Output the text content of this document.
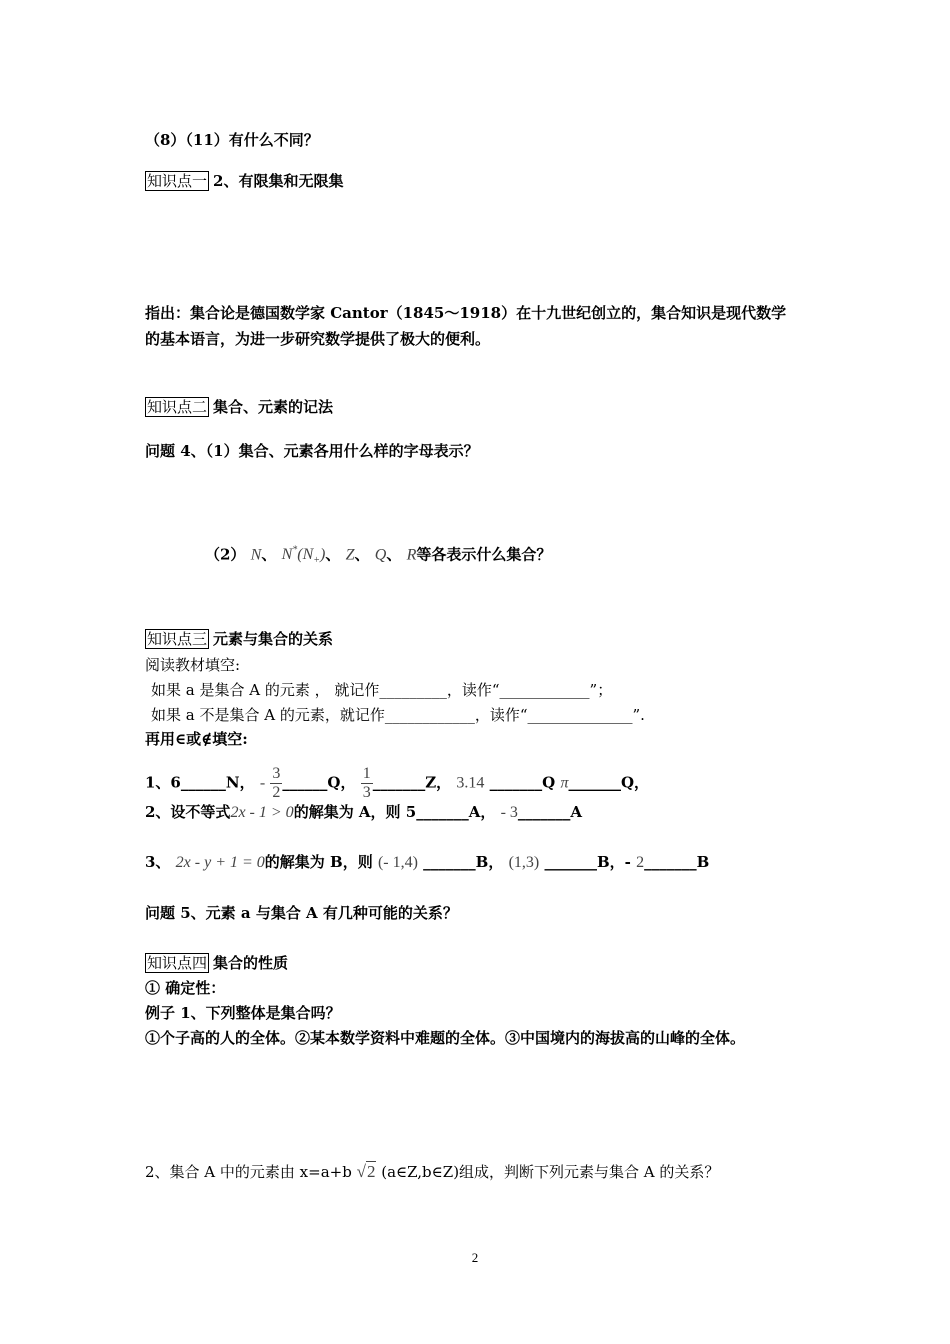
（8）（11）有什么不同？
知识点一 2、有限集和无限集
指出：集合论是德国数学家 Cantor（1845～1918）在十九世纪创立的，集合知识是现代数学
的基本语言，为进一步研究数学提供了极大的便利。
知识点二 集合、元素的记法
问题 4、（1）集合、元素各用什么样的字母表示？
（2） N、 $N^*(N_+)$、 Z、 Q、 R等各表示什么集合？
知识点三 元素与集合的关系
阅读教材填空:
如果 a 是集合 A 的元素 ， 就记作_________，读作“____________”；
如果 a 不是集合 A 的元素，就记作____________，读作“______________”.
再用∈或∉填空:
1、6______N， - $\frac{3}{2}$ ______Q， $\frac{1}{3}$ _______Z， 3.14 _______Q π_______Q，
2、设不等式2x - 1 > 0的解集为 A，则 5_______A， - 3_______A
3、 2x - y + 1 = 0的解集为 B，则 (- 1,4) _______B， (1,3) _______B，- 2_______B
问题 5、元素 a 与集合 A 有几种可能的关系？
知识点四 集合的性质
① 确定性：
例子 1、下列整体是集合吗？
①个子高的人的全体。②某本数学资料中难题的全体。③中国境内的海拔高的山峰的全体。
2、集合 A 中的元素由 x=a+b √2 (a∈Z,b∈Z)组成，判断下列元素与集合 A 的关系？
2
